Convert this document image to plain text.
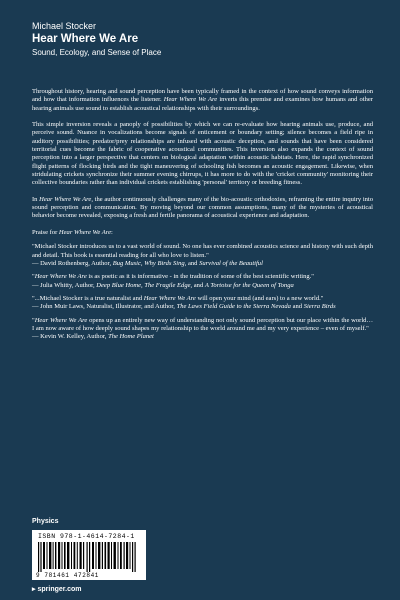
Michael Stocker
Hear Where We Are
Sound, Ecology, and Sense of Place

Throughout history, hearing and sound perception have been typically framed in the context of how sound conveys information and how that information influences the listener. Hear Where We Are inverts this premise and examines how humans and other hearing animals use sound to establish acoustical relationships with their surroundings.

This simple inversion reveals a panoply of possibilities by which we can re-evaluate how hearing animals use, produce, and perceive sound. Nuance in vocalizations become signals of enticement or boundary setting; silence becomes a field ripe in auditory possibilities; predator/prey relationships are infused with acoustic deception, and sounds that have been considered territorial cues become the fabric of cooperative acoustical communities. This inversion also expands the context of sound perception into a larger perspective that centers on biological adaptation within acoustic habitats. Here, the rapid synchronized flight patterns of flocking birds and the tight maneuvering of schooling fish becomes an acoustic engagement. Likewise, when stridulating crickets synchronize their summer evening chirrups, it has more to do with the 'cricket community' monitoring their collective boundaries rather than individual crickets establishing 'personal' territory or breeding fitness.

In Hear Where We Are, the author continuously challenges many of the bio-acoustic orthodoxies, reframing the entire inquiry into sound perception and communication. By moving beyond our common assumptions, many of the mysteries of acoustical behavior become revealed, exposing a fresh and fertile panorama of acoustical experience and adaptation.

Praise for Hear Where We Are:

"Michael Stocker introduces us to a vast world of sound. No one has ever combined acoustics science and history with such depth and detail. This book is essential reading for all who love to listen."

— David Rothenberg, Author, Bug Music, Why Birds Sing, and Survival of the Beautiful

"Hear Where We Are is as poetic as it is informative - in the tradition of some of the best scientific writing."

— Julia Whitty, Author, Deep Blue Home, The Fragile Edge, and A Tortoise for the Queen of Tonga

"...Michael Stocker is a true naturalist and Hear Where We Are will open your mind (and ears) to a new world."

— John Muir Laws, Naturalist, Illustrator, and Author, The Laws Field Guide to the Sierra Nevada and Sierra Birds

"Hear Where We Are opens up an entirely new way of understanding not only sound perception but our place within the world… I am now aware of how deeply sound shapes my relationship to the world around me and my very experience – even of myself."

— Kevin W. Kelley, Author, The Home Planet
Physics
ISBN 978-1-4614-7284-1
9 781461 472841
▸ springer.com
